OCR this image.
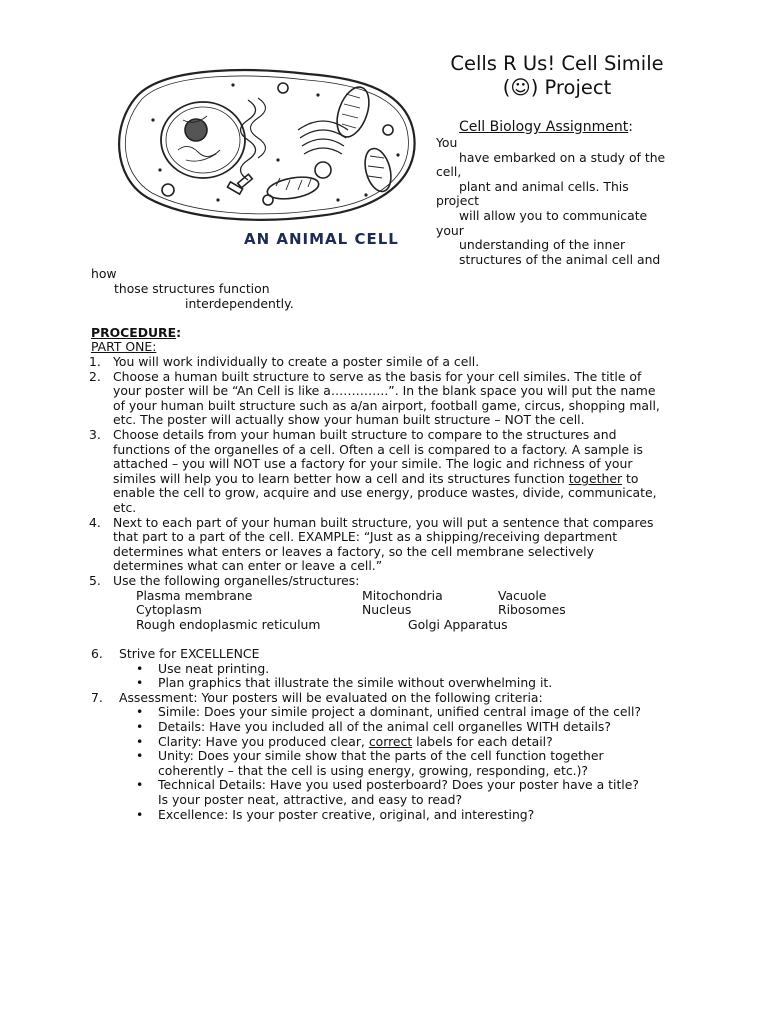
AN ANIMAL CELL
Cells R Us! Cell Simile
(☺) Project
Cell Biology Assignment:
You
have embarked on a study of the
cell,
plant and animal cells. This
project
will allow you to communicate
your
understanding of the inner
structures of the animal cell and
how
those structures function
interdependently.
PROCEDURE:
PART ONE:
1. You will work individually to create a poster simile of a cell.
2. Choose a human built structure to serve as the basis for your cell similes. The title of
your poster will be “An Cell is like a…………..”. In the blank space you will put the name
of your human built structure such as a/an airport, football game, circus, shopping mall,
etc. The poster will actually show your human built structure – NOT the cell.
3. Choose details from your human built structure to compare to the structures and
functions of the organelles of a cell. Often a cell is compared to a factory. A sample is
attached – you will NOT use a factory for your simile. The logic and richness of your
similes will help you to learn better how a cell and its structures function together to
enable the cell to grow, acquire and use energy, produce wastes, divide, communicate,
etc.
4. Next to each part of your human built structure, you will put a sentence that compares
that part to a part of the cell. EXAMPLE: “Just as a shipping/receiving department
determines what enters or leaves a factory, so the cell membrane selectively
determines what can enter or leave a cell.”
5. Use the following organelles/structures:
Plasma membrane	Mitochondria	Vacuole
Cytoplasm	Nucleus	Ribosomes
Rough endoplasmic reticulum	Golgi Apparatus
6. Strive for EXCELLENCE
• Use neat printing.
• Plan graphics that illustrate the simile without overwhelming it.
7. Assessment: Your posters will be evaluated on the following criteria:
• Simile: Does your simile project a dominant, unified central image of the cell?
• Details: Have you included all of the animal cell organelles WITH details?
• Clarity: Have you produced clear, correct labels for each detail?
• Unity: Does your simile show that the parts of the cell function together
coherently – that the cell is using energy, growing, responding, etc.)?
• Technical Details: Have you used posterboard? Does your poster have a title?
Is your poster neat, attractive, and easy to read?
• Excellence: Is your poster creative, original, and interesting?
